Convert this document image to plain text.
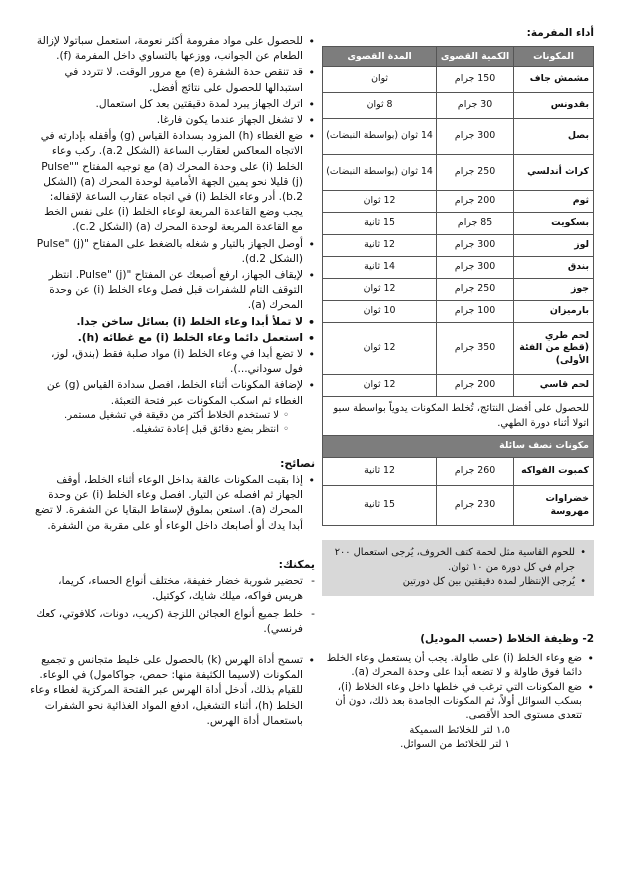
• للحصول على مواد مفرومة أكثر نعومة، استعمل سباتولا لإزالة الطعام عن الجوانب، ووزعها بالتساوي داخل المفرمة (f).
• قد تنقص حدة الشفرة (e) مع مرور الوقت. لا تتردد في استبدالها للحصول على نتائج أفضل.
• اترك الجهاز يبرد لمدة دقيقتين بعد كل استعمال.
• لا تشغل الجهاز عندما يكون فارغا.
• ضع الغطاء (h) المزود بسدادة القياس (g) وأقفله بإدارته في الاتجاه المعاكس لعقارب الساعة (الشكل 2.a). ركب وعاء الخلط (i) على وحدة المحرك (a) مع توجيه المفتاح "Pulse" (j) قليلا نحو يمين الجهة الأمامية لوحدة المحرك (a) (الشكل 2.b). أدر وعاء الخلط (i) في اتجاه عقارب الساعة لإقفاله: يجب وضع القاعدة المربعة لوعاء الخلط (i) على نفس الخط مع القاعدة المربعة لوحدة المحرك (a) (الشكل 2.c).
• أوصل الجهاز بالتيار و شغله بالضغط على المفتاح "Pulse" (j) (الشكل 2.d).
• لإيقاف الجهاز، ارفع أصبعك عن المفتاح "Pulse" (j). انتظر التوقف التام للشفرات قبل فصل وعاء الخلط (i) عن وحدة المحرك (a).
• لا تملأ أبدا وعاء الخلط (i) بسائل ساخن جدا.
• استعمل دائما وعاء الخلط (i) مع غطائه (h).
• لا تضع أبدا في وعاء الخلط (i) مواد صلبة فقط (بندق، لوز، فول سوداني...).
• لإضافة المكونات أثناء الخلط، افصل سدادة القياس (g) عن الغطاء ثم اسكب المكونات عبر فتحة التعبئة.
◦ لا تستخدم الخلاط أكثر من دقيقة في تشغيل مستمر.
◦ انتظر بضع دقائق قبل إعادة تشغيله.
نصائح:
• إذا بقيت المكونات عالقة بداخل الوعاء أثناء الخلط، أوقف الجهاز ثم افصله عن التيار. افصل وعاء الخلط (i) عن وحدة المحرك (a). استعن بملوق لإسقاط البقايا عن الشفرة. لا تضع أبدا يدك أو أصابعك داخل الوعاء أو على مقربة من الشفرة.
يمكنك:
- تحضير شوربة خضار خفيفة، مختلف أنواع الحساء، كريما، هريس فواكه، ميلك شايك، كوكتيل.
- خلط جميع أنواع العجائن اللزجة (كريب، دونات، كلافوتي، كعك فرنسي).
• تسمح أداة الهرس (k) بالحصول على خليط متجانس و تجميع المكونات (لاسيما الكثيفة منها: حمص، جواكامول) في الوعاء. للقيام بذلك، أدخل أداة الهرس عبر الفتحة المركزية لغطاء وعاء الخلط (h)، أثناء التشغيل، ادفع المواد الغذائية نحو الشفرات باستعمال أداة الهرس.
أداء المفرمة:
المكونات	الكمية القصوى	المدة القصوى
مشمش جاف	150 جرام	ثوان
بقدونس	30 جرام	8 ثوان
بصل	300 جرام	14 ثوان (بواسطة النبضات)
كراث أندلسي	250 جرام	14 ثوان (بواسطة النبضات)
ثوم	200 جرام	12 ثوان
بسكويت	85 جرام	15 ثانية
لوز	300 جرام	12 ثانية
بندق	300 جرام	14 ثانية
جوز	250 جرام	12 ثوان
بارميزان	100 جرام	10 ثوان
لحم طري (قطع من الفئة الأولى)	350 جرام	12 ثوان
لحم قاسي	200 جرام	12 ثوان
للحصول على أفضل النتائج، تُخلط المكونات يدوياً بواسطة سبو اتولا أثناء دورة الطهي.		
مكونات نصف سائلة		
كمبوت الفواكه	260 جرام	12 ثانية
خضراوات مهروسة	230 جرام	15 ثانية
• للحوم القاسية مثل لحمة كتف الخروف، يُرجى استعمال ٢٠٠ جرام في كل دورة من ١٠ ثوان.
• يُرجى الإنتظار لمدة دقيقتين بين كل دورتين
2- وظيفة الخلاط (حسب الموديل)
• ضع وعاء الخلط (i) على طاولة. يجب أن يستعمل وعاء الخلط دائما فوق طاولة و لا تضعه أبدا على وحدة المحرك (a).
• ضع المكونات التي ترغب في خلطها داخل وعاء الخلاط (i)، بسكب السوائل أولاً، ثم المكونات الجامدة بعد ذلك، دون أن تتعدى مستوى الحد الأقصى.
١،٥ لتر للخلائط السميكة
١ لتر للخلائط من السوائل.
